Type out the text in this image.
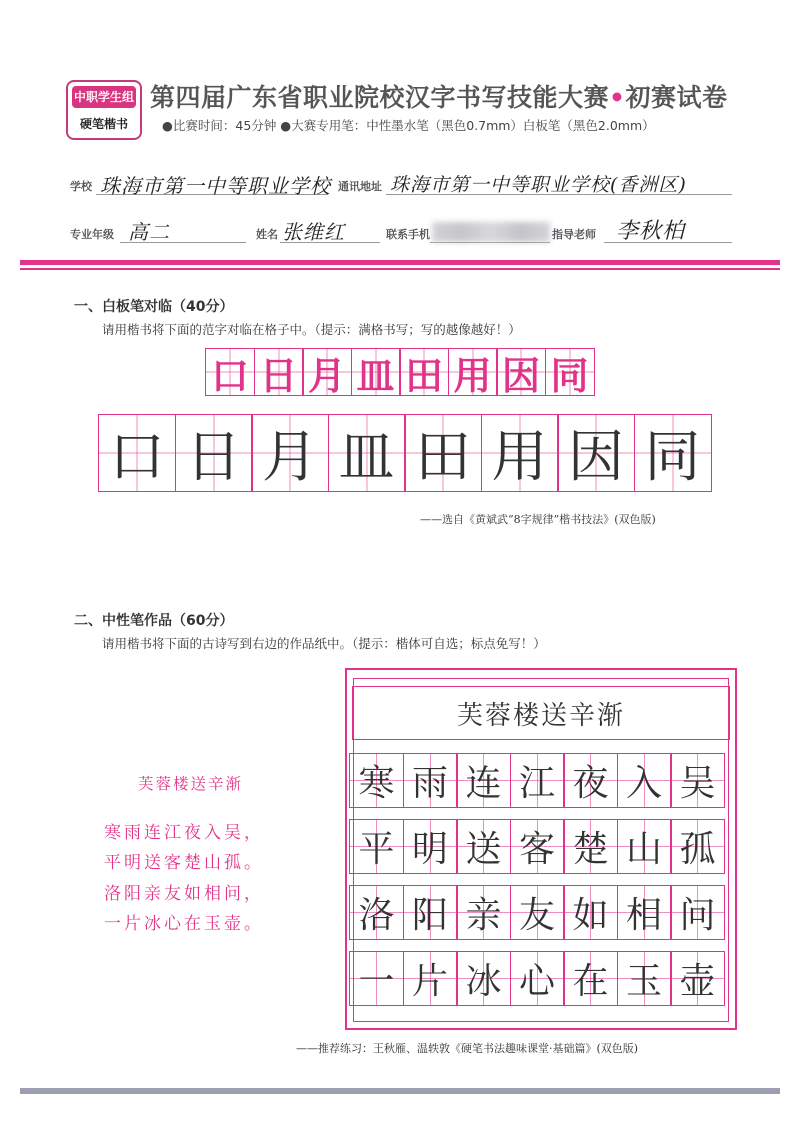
中职学生组
硬笔楷书
第四届广东省职业院校汉字书写技能大赛•初赛试卷
●比赛时间：45分钟 ●大赛专用笔：中性墨水笔（黑色0.7mm）白板笔（黑色2.0mm）
学校 珠海市第一中等职业学校 通讯地址 珠海市第一中等职业学校(香洲区)
专业年级 高二	姓名 张维红	联系手机	指导老师 李秋柏
一、白板笔对临（40分）
请用楷书将下面的范字对临在格子中。（提示：满格书写；写的越像越好！）
口 日 月 皿 田 用 因 同
口 日 月 皿 田 用 因 同
——选自《黄斌武“8字规律”楷书技法》(双色版)
二、中性笔作品（60分）
请用楷书将下面的古诗写到右边的作品纸中。（提示：楷体可自选；标点免写！）
芙蓉楼送辛渐
寒雨连江夜入吴，
平明送客楚山孤。
洛阳亲友如相问，
一片冰心在玉壶。
芙蓉楼送辛渐
寒 雨 连 江 夜 入 吴
平 明 送 客 楚 山 孤
洛 阳 亲 友 如 相 问
一 片 冰 心 在 玉 壶
——推荐练习：王秋雁、温轶敦《硬笔书法趣味课堂·基础篇》(双色版)
